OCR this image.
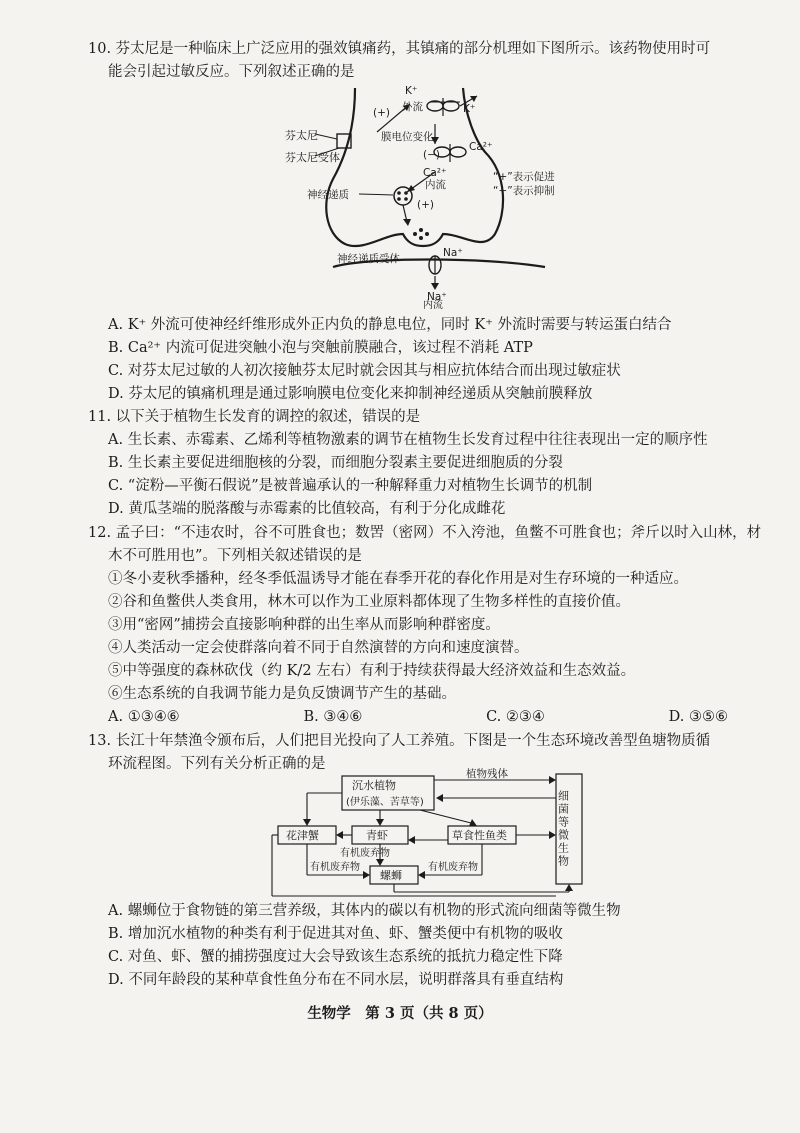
10. 芬太尼是一种临床上广泛应用的强效镇痛药，其镇痛的部分机理如下图所示。该药物使用时可
能会引起过敏反应。下列叙述正确的是
K⁺
(+) 外流	K⁺
芬太尼	膜电位变化
芬太尼受体	(−)
Ca²⁺
Ca²⁺
内流
“+”表示促进
“−”表示抑制
神经递质
(+)
Na⁺
神经递质受体
Na⁺
内流
A. K⁺ 外流可使神经纤维形成外正内负的静息电位，同时 K⁺ 外流时需要与转运蛋白结合
B. Ca²⁺ 内流可促进突触小泡与突触前膜融合，该过程不消耗 ATP
C. 对芬太尼过敏的人初次接触芬太尼时就会因其与相应抗体结合而出现过敏症状
D. 芬太尼的镇痛机理是通过影响膜电位变化来抑制神经递质从突触前膜释放
11. 以下关于植物生长发育的调控的叙述，错误的是
A. 生长素、赤霉素、乙烯利等植物激素的调节在植物生长发育过程中往往表现出一定的顺序性
B. 生长素主要促进细胞核的分裂，而细胞分裂素主要促进细胞质的分裂
C. “淀粉—平衡石假说”是被普遍承认的一种解释重力对植物生长调节的机制
D. 黄瓜茎端的脱落酸与赤霉素的比值较高，有利于分化成雌花
12. 孟子曰：“不违农时，谷不可胜食也；数罟（密网）不入洿池，鱼鳖不可胜食也；斧斤以时入山林，材
木不可胜用也”。下列相关叙述错误的是
①冬小麦秋季播种，经冬季低温诱导才能在春季开花的春化作用是对生存环境的一种适应。
②谷和鱼鳖供人类食用，林木可以作为工业原料都体现了生物多样性的直接价值。
③用“密网”捕捞会直接影响种群的出生率从而影响种群密度。
④人类活动一定会使群落向着不同于自然演替的方向和速度演替。
⑤中等强度的森林砍伐（约 K/2 左右）有利于持续获得最大经济效益和生态效益。
⑥生态系统的自我调节能力是负反馈调节产生的基础。
A. ①③④⑥	B. ③④⑥	C. ②③④	D. ③⑤⑥
13. 长江十年禁渔令颁布后，人们把目光投向了人工养殖。下图是一个生态环境改善型鱼塘物质循
环流程图。下列有关分析正确的是
沉水植物
(伊乐藻、苦草等)
植物残体
花津蟹	青虾	草食性鱼类
有机废弃物
有机废弃物	有机废弃物
螺蛳
细菌等微生物
A. 螺蛳位于食物链的第三营养级，其体内的碳以有机物的形式流向细菌等微生物
B. 增加沉水植物的种类有利于促进其对鱼、虾、蟹类便中有机物的吸收
C. 对鱼、虾、蟹的捕捞强度过大会导致该生态系统的抵抗力稳定性下降
D. 不同年龄段的某种草食性鱼分布在不同水层，说明群落具有垂直结构
生物学　第 3 页（共 8 页）
